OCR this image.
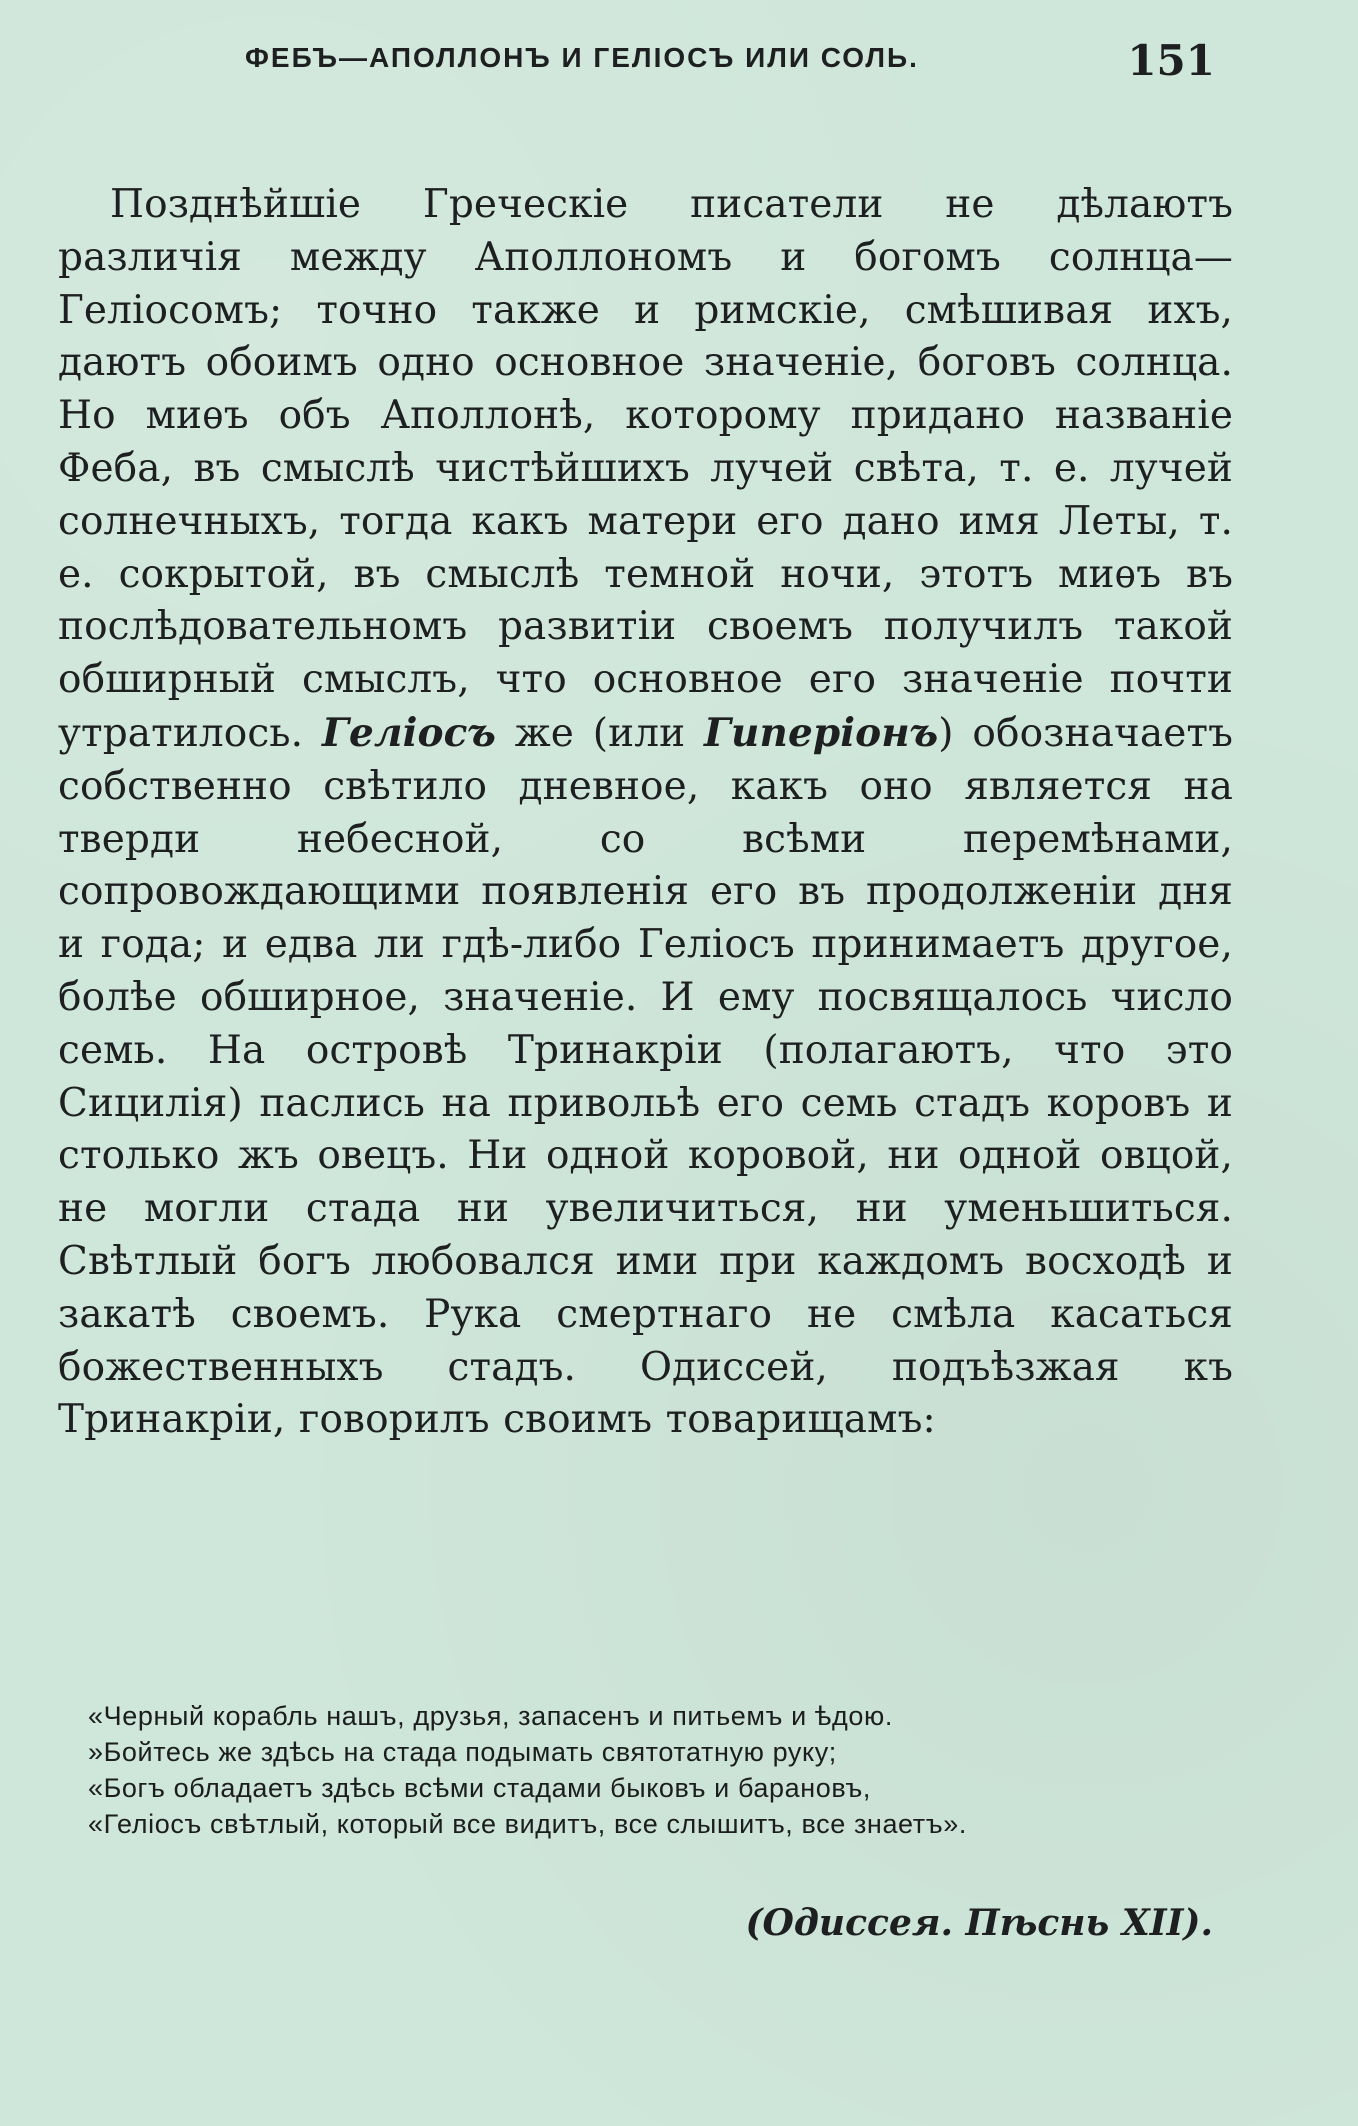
ФЕБЪ—АПОЛЛОНЪ И ГЕЛІОСЪ ИЛИ СОЛЬ.	151

Позднѣйшіе Греческіе писатели не дѣлаютъ различія между Аполлономъ и богомъ солнца—Геліосомъ; точно также и римскіе, смѣшивая ихъ, даютъ обоимъ одно основное значеніе, боговъ солнца. Но миѳъ объ Аполлонѣ, которому придано названіе Феба, въ смыслѣ чистѣйшихъ лучей свѣта, т. е. лучей солнечныхъ, тогда какъ матери его дано имя Леты, т. е. сокрытой, въ смыслѣ темной ночи, этотъ миѳъ въ послѣдовательномъ развитіи своемъ получилъ такой обширный смыслъ, что основное его значеніе почти утратилось. Геліосъ же (или Гиперіонъ) обозначаетъ собственно свѣтило дневное, какъ оно является на тверди небесной, со всѣми перемѣнами, сопровождающими появленія его въ продолженіи дня и года; и едва ли гдѣ-либо Геліосъ принимаетъ другое, болѣе обширное, значеніе. И ему посвящалось число семь. На островѣ Тринакріи (полагаютъ, что это Сицилія) паслись на привольѣ его семь стадъ коровъ и столько жъ овецъ. Ни одной коровой, ни одной овцой, не могли стада ни увеличиться, ни уменьшиться. Свѣтлый богъ любовался ими при каждомъ восходѣ и закатѣ своемъ. Рука смертнаго не смѣла касаться божественныхъ стадъ. Одиссей, подъѣзжая къ Тринакріи, говорилъ своимъ товарищамъ:

«Черный корабль нашъ, друзья, запасенъ и питьемъ и ѣдою.
»Бойтесь же здѣсь на стада подымать святотатную руку;
«Богъ обладаетъ здѣсь всѣми стадами быковъ и барановъ,
«Геліосъ свѣтлый, который все видитъ, все слышитъ, все знаетъ».
(Одиссея. Пѣснь XII).
